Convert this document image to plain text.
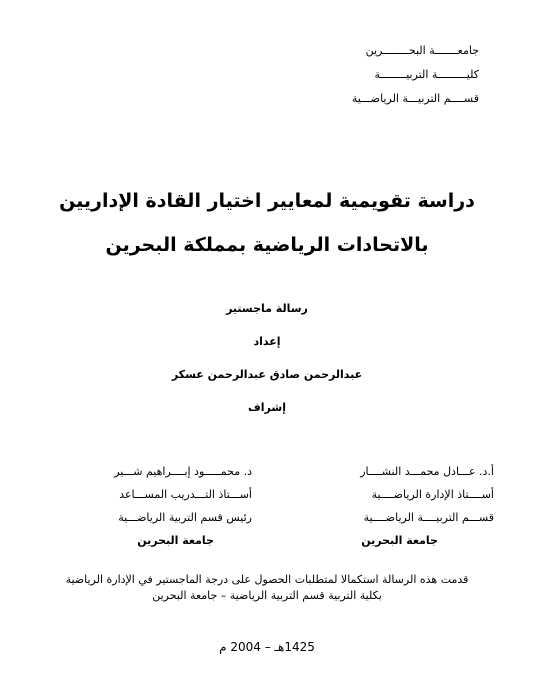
جامعـــــــة البحــــــــرين
كليـــــــــة التربيــــــــة
قســــم التربيـــة الرياضـــية
دراسة تقويمية لمعايير اختيار القادة الإداريين
بالاتحادات الرياضية بمملكة البحرين
رسالة ماجستير
إعداد
عبدالرحمن صادق عبدالرحمن عسكر
إشراف
أ.د. عـــادل محمـــد النشــــار
أســــتاذ الإدارة الرياضــــية
قســـم التربيــــة الرياضــــية
جامعة البحرين
د. محمـــــود إبــــراهيم شـــير
أســـتاذ التـــدريب المســـاعد
رئيس قسم التربية الرياضـــية
جامعة البحرين
قدمت هذه الرسالة استكمالا لمتطلبات الحصول على درجة الماجستير في الإدارة الرياضية
بكلية التربية قسم التربية الرياضية – جامعة البحرين
1425هـ – 2004 م
